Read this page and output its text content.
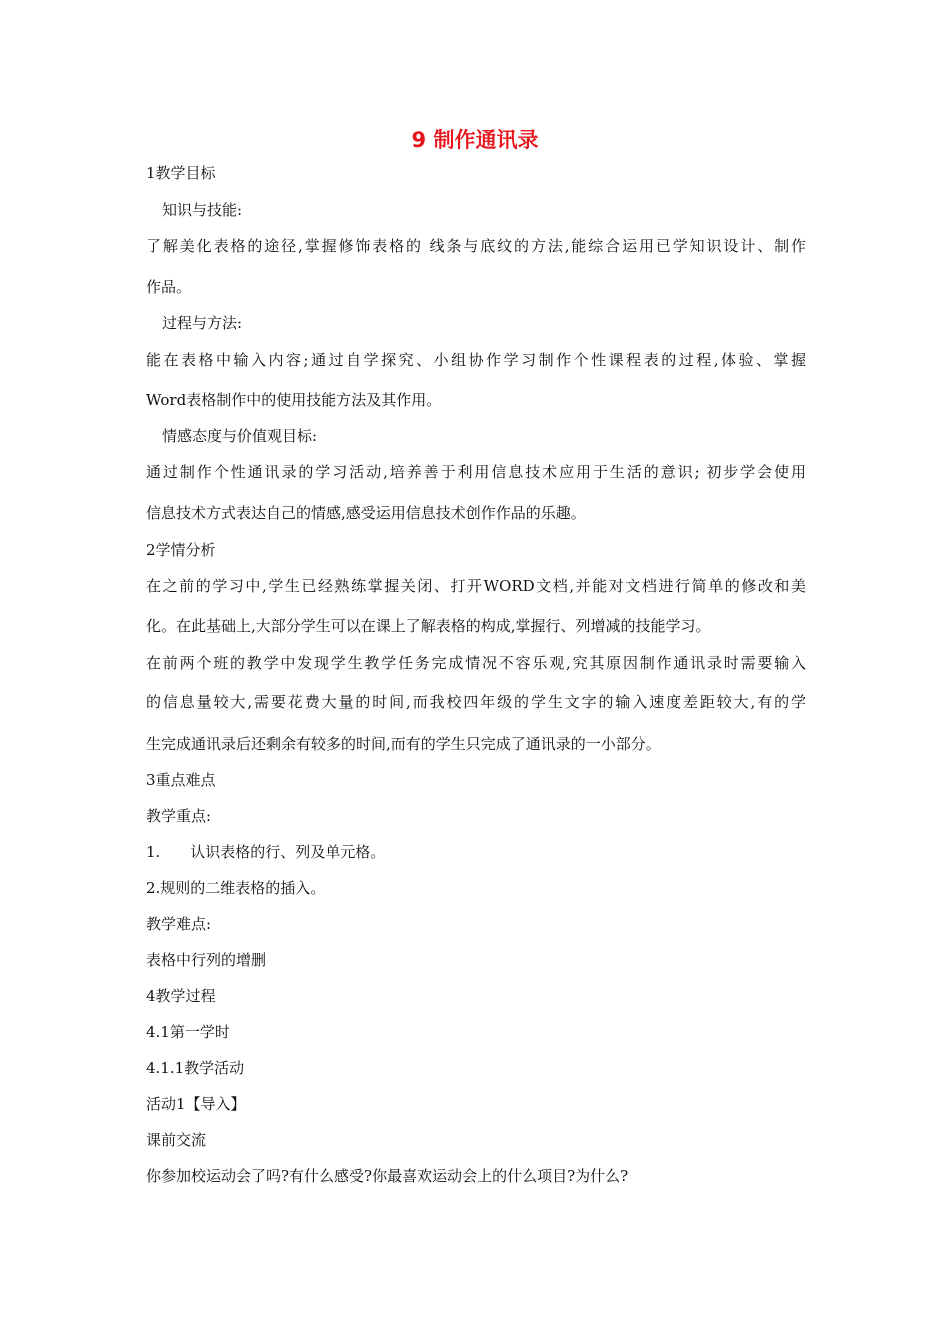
9 制作通讯录
1教学目标
知识与技能:
了解美化表格的途径,掌握修饰表格的 线条与底纹的方法,能综合运用已学知识设计、制作
作品。
过程与方法:
能在表格中输入内容;通过自学探究、小组协作学习制作个性课程表的过程,体验、掌握
Word表格制作中的使用技能方法及其作用。
情感态度与价值观目标:
通过制作个性通讯录的学习活动,培养善于利用信息技术应用于生活的意识; 初步学会使用
信息技术方式表达自己的情感,感受运用信息技术创作作品的乐趣。
2学情分析
在之前的学习中,学生已经熟练掌握关闭、打开WORD文档,并能对文档进行简单的修改和美
化。在此基础上,大部分学生可以在课上了解表格的构成,掌握行、列增减的技能学习。
在前两个班的教学中发现学生教学任务完成情况不容乐观,究其原因制作通讯录时需要输入
的信息量较大,需要花费大量的时间,而我校四年级的学生文字的输入速度差距较大,有的学
生完成通讯录后还剩余有较多的时间,而有的学生只完成了通讯录的一小部分。
3重点难点
教学重点:
1.　　认识表格的行、列及单元格。
2.规则的二维表格的插入。
教学难点:
表格中行列的增删
4教学过程
4.1第一学时
4.1.1教学活动
活动1【导入】
课前交流
你参加校运动会了吗?有什么感受?你最喜欢运动会上的什么项目?为什么?
